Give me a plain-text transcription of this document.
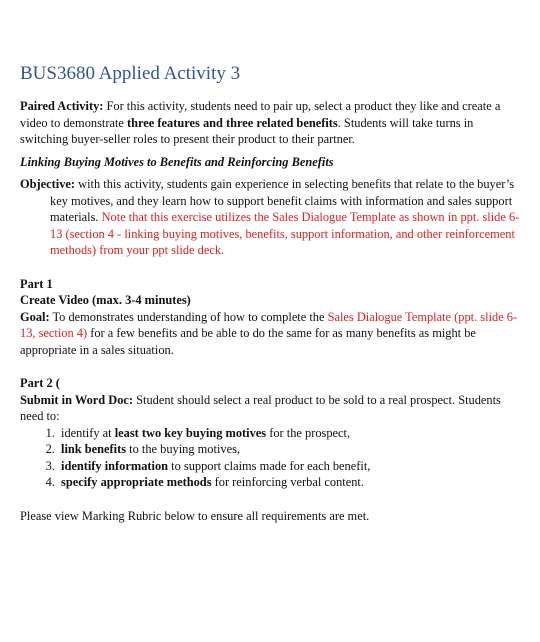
BUS3680 Applied Activity 3

Paired Activity: For this activity, students need to pair up, select a product they like and create a video to demonstrate three features and three related benefits. Students will take turns in switching buyer-seller roles to present their product to their partner.

Linking Buying Motives to Benefits and Reinforcing Benefits

Objective: with this activity, students gain experience in selecting benefits that relate to the buyer’s key motives, and they learn how to support benefit claims with information and sales support materials. Note that this exercise utilizes the Sales Dialogue Template as shown in ppt. slide 6-13 (section 4 - linking buying motives, benefits, support information, and other reinforcement methods) from your ppt slide deck.

Part 1

Create Video (max. 3-4 minutes)

Goal: To demonstrates understanding of how to complete the Sales Dialogue Template (ppt. slide 6-13, section 4) for a few benefits and be able to do the same for as many benefits as might be appropriate in a sales situation.

Part 2 (

Submit in Word Doc: Student should select a real product to be sold to a real prospect. Students need to:

1. identify at least two key buying motives for the prospect,
2. link benefits to the buying motives,
3. identify information to support claims made for each benefit,
4. specify appropriate methods for reinforcing verbal content.

Please view Marking Rubric below to ensure all requirements are met.
